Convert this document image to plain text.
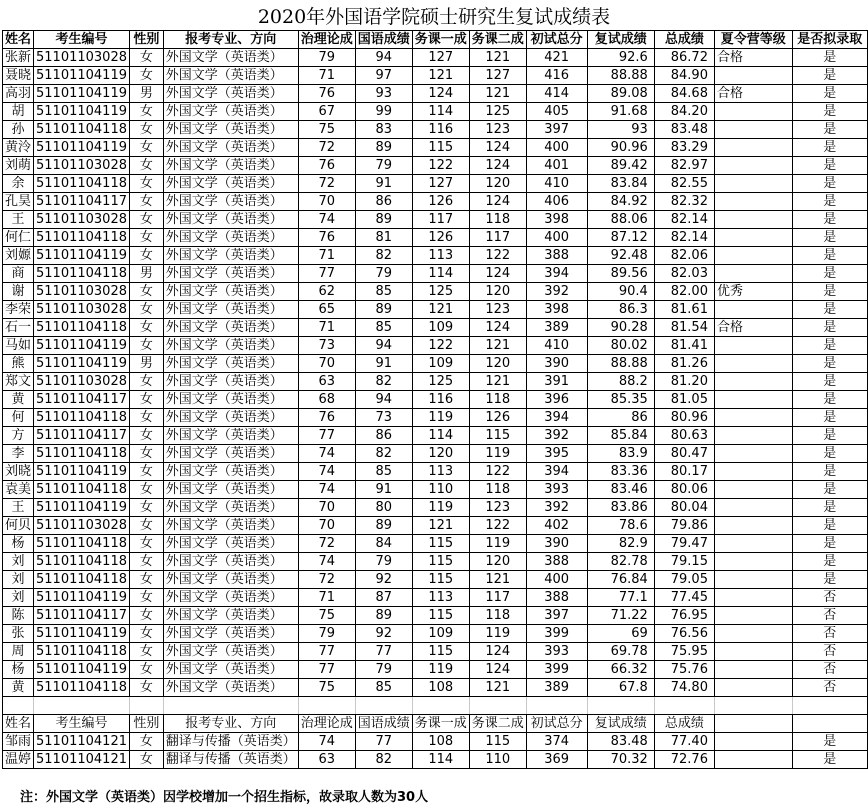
2020年外国语学院硕士研究生复试成绩表
姓名	考生编号	性别	报考专业、方向	治理论成	国语成绩	务课一成	务课二成	初试总分	复试成绩	总成绩	夏令营等级	是否拟录取
张新	51101103028	女	外国文学（英语类）	79	94	127	121	421	92.6	86.72	合格	是
聂晓	51101104119	女	外国文学（英语类）	71	97	121	127	416	88.88	84.90		是
高羽	51101104119	男	外国文学（英语类）	76	93	124	121	414	89.08	84.68	合格	是
胡	51101104119	女	外国文学（英语类）	67	99	114	125	405	91.68	84.20		是
孙	51101104118	女	外国文学（英语类）	75	83	116	123	397	93	83.48		是
黄泠	51101104119	女	外国文学（英语类）	72	89	115	124	400	90.96	83.29		是
刘萌	51101103028	女	外国文学（英语类）	76	79	122	124	401	89.42	82.97		是
余	51101104118	女	外国文学（英语类）	72	91	127	120	410	83.84	82.55		是
孔昊	51101104117	女	外国文学（英语类）	70	86	126	124	406	84.92	82.32		是
王	51101103028	女	外国文学（英语类）	74	89	117	118	398	88.06	82.14		是
何仁	51101104118	女	外国文学（英语类）	76	81	126	117	400	87.12	82.14		是
刘嫄	51101104119	女	外国文学（英语类）	71	82	113	122	388	92.48	82.06		是
商	51101104118	男	外国文学（英语类）	77	79	114	124	394	89.56	82.03		是
谢	51101103028	女	外国文学（英语类）	62	85	125	120	392	90.4	82.00	优秀	是
李荣	51101103028	女	外国文学（英语类）	65	89	121	123	398	86.3	81.61		是
石一	51101104118	女	外国文学（英语类）	71	85	109	124	389	90.28	81.54	合格	是
马如	51101104119	女	外国文学（英语类）	73	94	122	121	410	80.02	81.41		是
熊	51101104119	男	外国文学（英语类）	70	91	109	120	390	88.88	81.26		是
郑文	51101103028	女	外国文学（英语类）	63	82	125	121	391	88.2	81.20		是
黄	51101104117	女	外国文学（英语类）	68	94	116	118	396	85.35	81.05		是
何	51101104118	女	外国文学（英语类）	76	73	119	126	394	86	80.96		是
方	51101104117	女	外国文学（英语类）	77	86	114	115	392	85.84	80.63		是
李	51101104118	女	外国文学（英语类）	74	82	120	119	395	83.9	80.47		是
刘晓	51101104119	女	外国文学（英语类）	74	85	113	122	394	83.36	80.17		是
袁美	51101104118	女	外国文学（英语类）	74	91	110	118	393	83.46	80.06		是
王	51101104119	女	外国文学（英语类）	70	80	119	123	392	83.86	80.04		是
何贝	51101103028	女	外国文学（英语类）	70	89	121	122	402	78.6	79.86		是
杨	51101104118	女	外国文学（英语类）	72	84	115	119	390	82.9	79.47		是
刘	51101104118	女	外国文学（英语类）	74	79	115	120	388	82.78	79.15		是
刘	51101104118	女	外国文学（英语类）	72	92	115	121	400	76.84	79.05		是
刘	51101104119	女	外国文学（英语类）	71	87	113	117	388	77.1	77.45		否
陈	51101104117	女	外国文学（英语类）	75	89	115	118	397	71.22	76.95		否
张	51101104119	女	外国文学（英语类）	79	92	109	119	399	69	76.56		否
周	51101104118	女	外国文学（英语类）	77	77	115	124	393	69.78	75.95		否
杨	51101104119	女	外国文学（英语类）	77	79	119	124	399	66.32	75.76		否
黄	51101104118	女	外国文学（英语类）	75	85	108	121	389	67.8	74.80		否

姓名	考生编号	性别	报考专业、方向	治理论成	国语成绩	务课一成	务课二成	初试总分	复试成绩	总成绩		
邹雨	51101104121	女	翻译与传播（英语类）	74	77	108	115	374	83.48	77.40		是
温婷	51101104121	女	翻译与传播（英语类）	63	82	114	110	369	70.32	72.76		是
注：外国文学（英语类）因学校增加一个招生指标，故录取人数为30人
